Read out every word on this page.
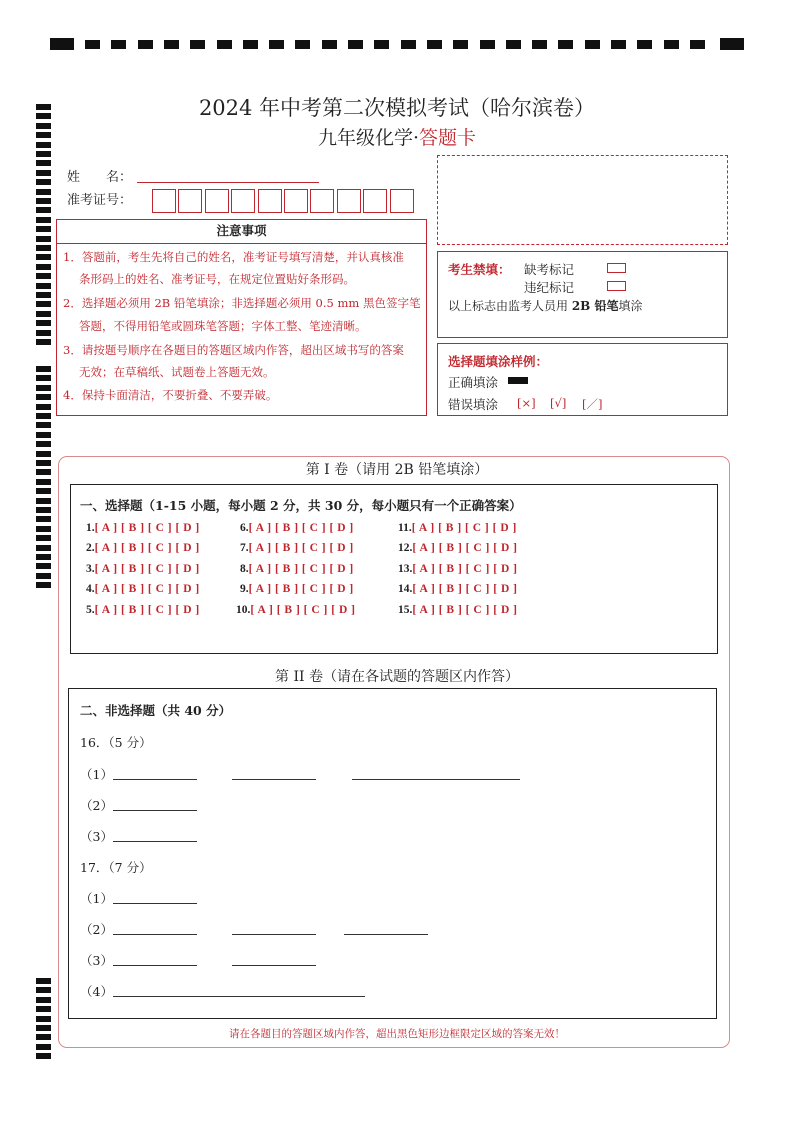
2024 年中考第二次模拟考试（哈尔滨卷）
九年级化学·答题卡
姓　　名：
准考证号：
注意事项
1．答题前，考生先将自己的姓名，准考证号填写清楚，并认真核准
条形码上的姓名、准考证号，在规定位置贴好条形码。
2．选择题必须用 2B 铅笔填涂；非选择题必须用 0.5 mm 黑色签字笔
答题，不得用铅笔或圆珠笔答题；字体工整、笔迹清晰。
3．请按题号顺序在各题目的答题区域内作答，超出区域书写的答案
无效；在草稿纸、试题卷上答题无效。
4．保持卡面清洁，不要折叠、不要弄破。
考生禁填： 缺考标记
违纪标记
以上标志由监考人员用 2B 铅笔填涂
选择题填涂样例：
正确填涂
错误填涂 [×] [√] [／]
第 I 卷（请用 2B 铅笔填涂）
一、选择题（1-15 小题，每小题 2 分，共 30 分，每小题只有一个正确答案）
1.[ A ] [ B ] [ C ] [ D ]
2.[ A ] [ B ] [ C ] [ D ]
3.[ A ] [ B ] [ C ] [ D ]
4.[ A ] [ B ] [ C ] [ D ]
5.[ A ] [ B ] [ C ] [ D ]
6.[ A ] [ B ] [ C ] [ D ]
7.[ A ] [ B ] [ C ] [ D ]
8.[ A ] [ B ] [ C ] [ D ]
9.[ A ] [ B ] [ C ] [ D ]
10.[ A ] [ B ] [ C ] [ D ]
11.[ A ] [ B ] [ C ] [ D ]
12.[ A ] [ B ] [ C ] [ D ]
13.[ A ] [ B ] [ C ] [ D ]
14.[ A ] [ B ] [ C ] [ D ]
15.[ A ] [ B ] [ C ] [ D ]
第 II 卷（请在各试题的答题区内作答）
二、非选择题（共 40 分）
16．（5 分）
（1）
（2）
（3）
17．（7 分）
（1）
（2）
（3）
（4）
请在各题目的答题区域内作答，超出黑色矩形边框限定区域的答案无效！
